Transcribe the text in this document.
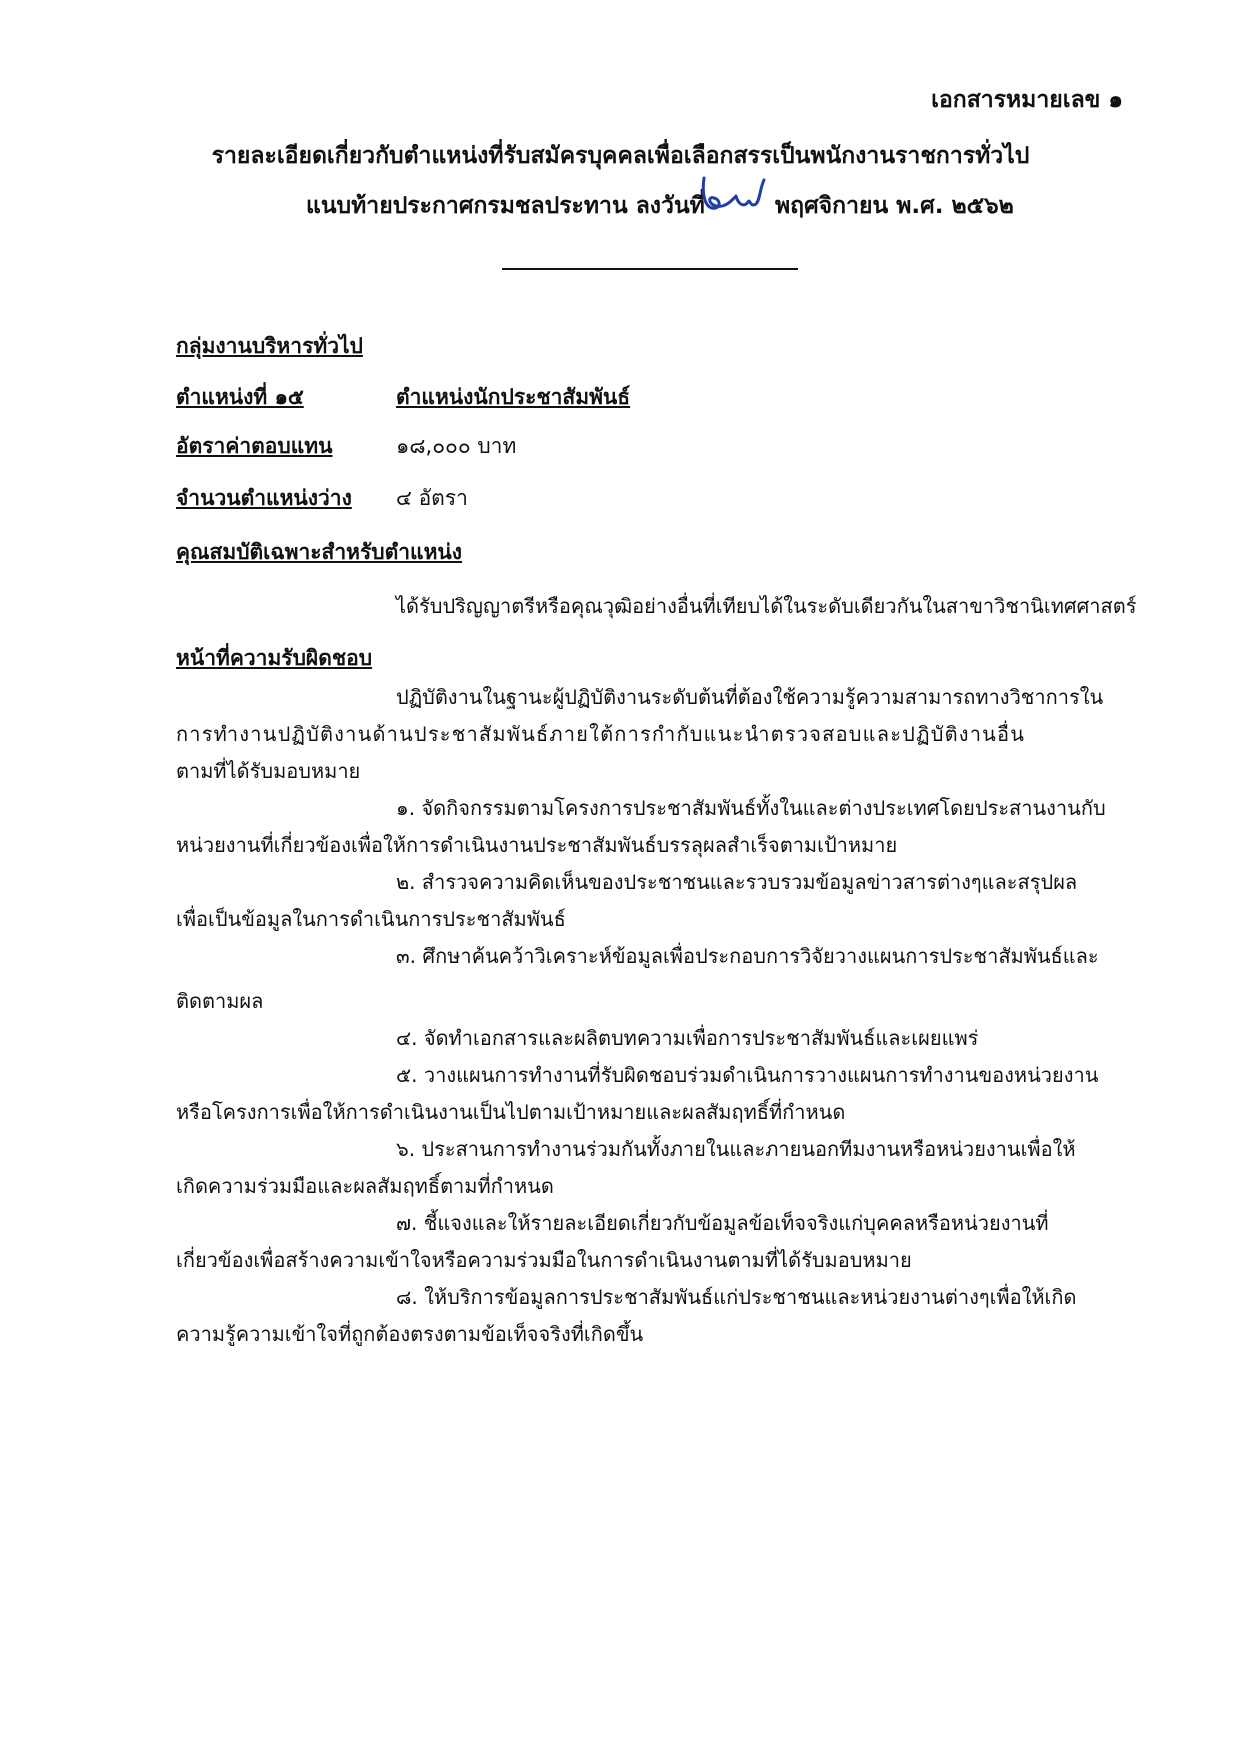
เอกสารหมายเลข ๑
รายละเอียดเกี่ยวกับตำแหน่งที่รับสมัครบุคคลเพื่อเลือกสรรเป็นพนักงานราชการทั่วไป
แนบท้ายประกาศกรมชลประทาน ลงวันที่	พฤศจิกายน พ.ศ. ๒๕๖๒
กลุ่มงานบริหารทั่วไป
ตำแหน่งที่ ๑๕	ตำแหน่งนักประชาสัมพันธ์
อัตราค่าตอบแทน	๑๘,๐๐๐ บาท
จำนวนตำแหน่งว่าง ๔ อัตรา
คุณสมบัติเฉพาะสำหรับตำแหน่ง
ได้รับปริญญาตรีหรือคุณวุฒิอย่างอื่นที่เทียบได้ในระดับเดียวกันในสาขาวิชานิเทศศาสตร์
หน้าที่ความรับผิดชอบ
ปฏิบัติงานในฐานะผู้ปฏิบัติงานระดับต้นที่ต้องใช้ความรู้ความสามารถทางวิชาการใน
การทำงานปฏิบัติงานด้านประชาสัมพันธ์ภายใต้การกำกับแนะนำตรวจสอบและปฏิบัติงานอื่น
ตามที่ได้รับมอบหมาย
๑. จัดกิจกรรมตามโครงการประชาสัมพันธ์ทั้งในและต่างประเทศโดยประสานงานกับ
หน่วยงานที่เกี่ยวข้องเพื่อให้การดำเนินงานประชาสัมพันธ์บรรลุผลสำเร็จตามเป้าหมาย
๒. สำรวจความคิดเห็นของประชาชนและรวบรวมข้อมูลข่าวสารต่างๆและสรุปผล
เพื่อเป็นข้อมูลในการดำเนินการประชาสัมพันธ์
๓. ศึกษาค้นคว้าวิเคราะห์ข้อมูลเพื่อประกอบการวิจัยวางแผนการประชาสัมพันธ์และ
ติดตามผล
๔. จัดทำเอกสารและผลิตบทความเพื่อการประชาสัมพันธ์และเผยแพร่
๕. วางแผนการทำงานที่รับผิดชอบร่วมดำเนินการวางแผนการทำงานของหน่วยงาน
หรือโครงการเพื่อให้การดำเนินงานเป็นไปตามเป้าหมายและผลสัมฤทธิ์ที่กำหนด
๖. ประสานการทำงานร่วมกันทั้งภายในและภายนอกทีมงานหรือหน่วยงานเพื่อให้
เกิดความร่วมมือและผลสัมฤทธิ์ตามที่กำหนด
๗. ชี้แจงและให้รายละเอียดเกี่ยวกับข้อมูลข้อเท็จจริงแก่บุคคลหรือหน่วยงานที่
เกี่ยวข้องเพื่อสร้างความเข้าใจหรือความร่วมมือในการดำเนินงานตามที่ได้รับมอบหมาย
๘. ให้บริการข้อมูลการประชาสัมพันธ์แก่ประชาชนและหน่วยงานต่างๆเพื่อให้เกิด
ความรู้ความเข้าใจที่ถูกต้องตรงตามข้อเท็จจริงที่เกิดขึ้น
